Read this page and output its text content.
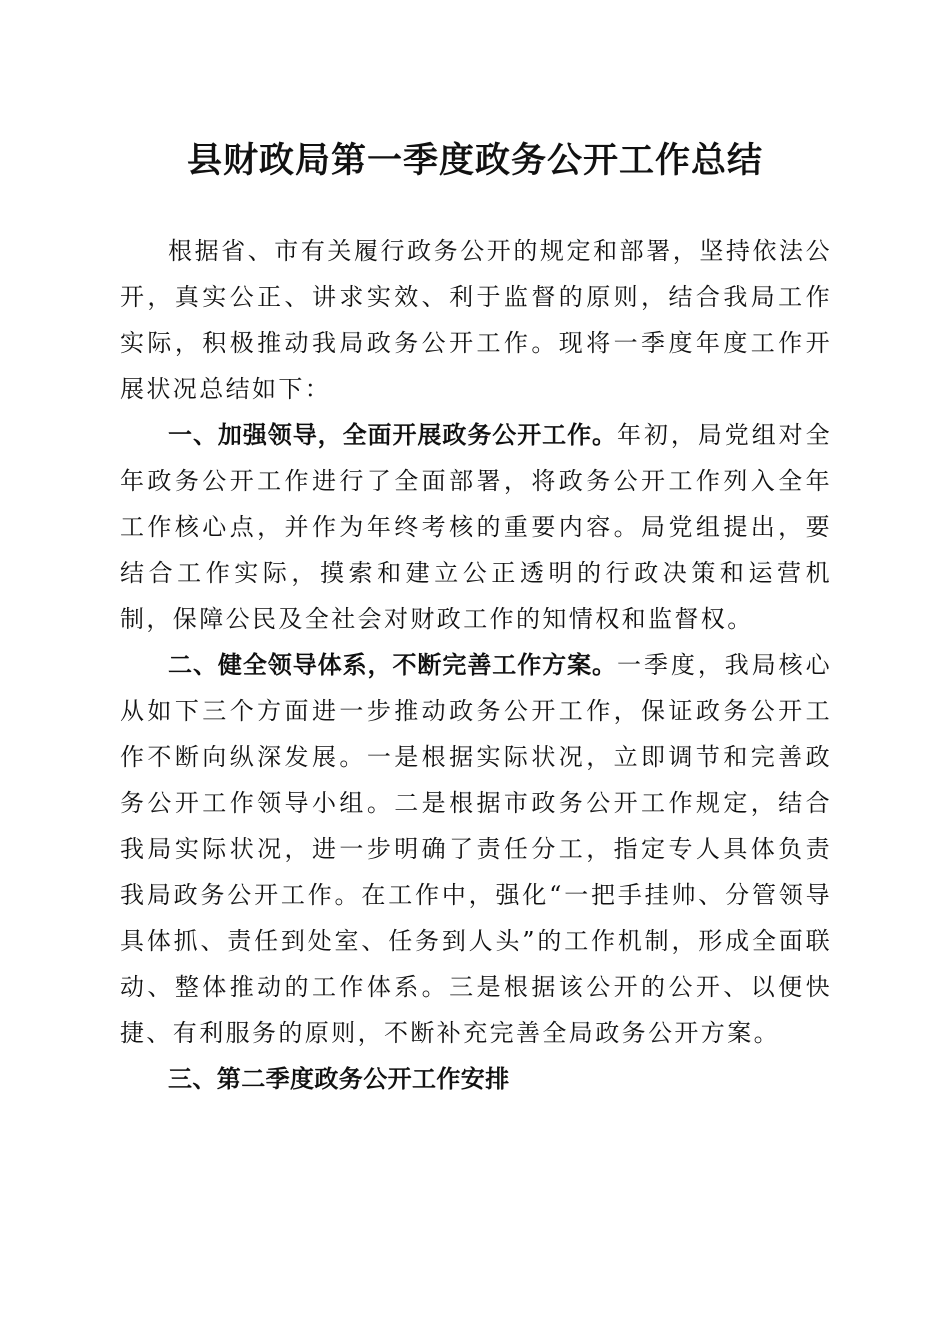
县财政局第一季度政务公开工作总结

根据省、市有关履行政务公开的规定和部署，坚持依法公开，真实公正、讲求实效、利于监督的原则，结合我局工作实际，积极推动我局政务公开工作。现将一季度年度工作开展状况总结如下：

一、加强领导，全面开展政务公开工作。年初，局党组对全年政务公开工作进行了全面部署，将政务公开工作列入全年工作核心点，并作为年终考核的重要内容。局党组提出，要结合工作实际，摸索和建立公正透明的行政决策和运营机制，保障公民及全社会对财政工作的知情权和监督权。

二、健全领导体系，不断完善工作方案。一季度，我局核心从如下三个方面进一步推动政务公开工作，保证政务公开工作不断向纵深发展。一是根据实际状况，立即调节和完善政务公开工作领导小组。二是根据市政务公开工作规定，结合我局实际状况，进一步明确了责任分工，指定专人具体负责我局政务公开工作。在工作中，强化“一把手挂帅、分管领导具体抓、责任到处室、任务到人头”的工作机制，形成全面联动、整体推动的工作体系。三是根据该公开的公开、以便快捷、有利服务的原则，不断补充完善全局政务公开方案。

三、第二季度政务公开工作安排
